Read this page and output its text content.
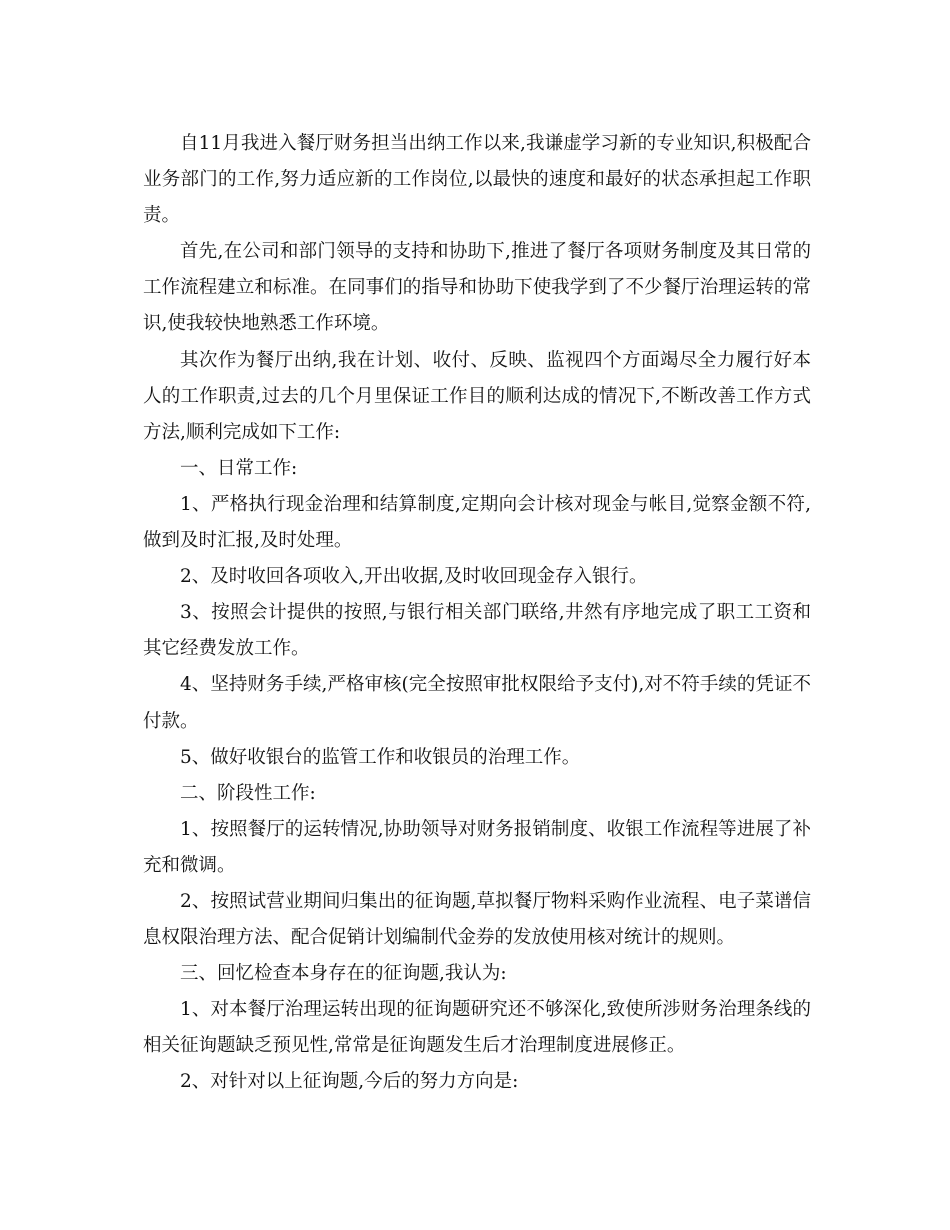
自11月我进入餐厅财务担当出纳工作以来,我谦虚学习新的专业知识,积极配合业务部门的工作,努力适应新的工作岗位,以最快的速度和最好的状态承担起工作职责。

首先,在公司和部门领导的支持和协助下,推进了餐厅各项财务制度及其日常的工作流程建立和标准。在同事们的指导和协助下使我学到了不少餐厅治理运转的常识,使我较快地熟悉工作环境。

其次作为餐厅出纳,我在计划、收付、反映、监视四个方面竭尽全力履行好本人的工作职责,过去的几个月里保证工作目的顺利达成的情况下,不断改善工作方式方法,顺利完成如下工作:

一、日常工作:

1、严格执行现金治理和结算制度,定期向会计核对现金与帐目,觉察金额不符,做到及时汇报,及时处理。

2、及时收回各项收入,开出收据,及时收回现金存入银行。

3、按照会计提供的按照,与银行相关部门联络,井然有序地完成了职工工资和其它经费发放工作。

4、坚持财务手续,严格审核(完全按照审批权限给予支付),对不符手续的凭证不付款。

5、做好收银台的监管工作和收银员的治理工作。

二、阶段性工作:

1、按照餐厅的运转情况,协助领导对财务报销制度、收银工作流程等进展了补充和微调。

2、按照试营业期间归集出的征询题,草拟餐厅物料采购作业流程、电子菜谱信息权限治理方法、配合促销计划编制代金券的发放使用核对统计的规则。

三、回忆检查本身存在的征询题,我认为:

1、对本餐厅治理运转出现的征询题研究还不够深化,致使所涉财务治理条线的相关征询题缺乏预见性,常常是征询题发生后才治理制度进展修正。

2、对针对以上征询题,今后的努力方向是:
